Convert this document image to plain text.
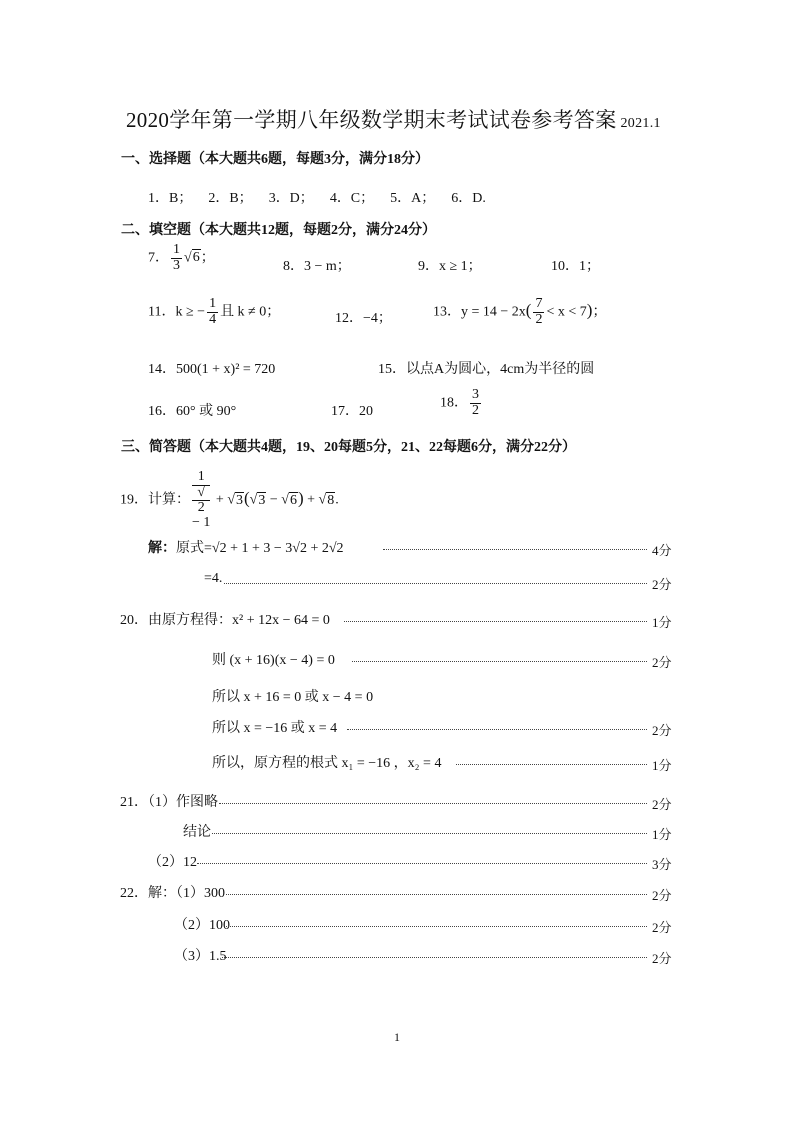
2020学年第一学期八年级数学期末考试试卷参考答案 2021.1
一、选择题（本大题共6题，每题3分，满分18分）
1．B； 2．B； 3．D； 4．C； 5．A； 6．D.
二、填空题（本大题共12题，每题2分，满分24分）
7． $\frac{1}{3} √6$；
8．3 − m；	9．x ≥ 1；	10．1；
11．k ≥ − $\frac{1}{4}$ 且 k ≠ 0；	12．−4；	13．$y = 14 - 2x( \frac{7}{2} < x < 7)$；
14．500(1 + x)² = 720	15．以点A为圆心，4cm为半径的圆
16．60° 或 90°	17．20
18． $\frac{3}{2}$
三、简答题（本大题共4题，19、20每题5分，21、22每题6分，满分22分）
19．计算： 1
√
2
− 1 + √3(√3 − √6) + √8.
解：原式=√2 + 1 + 3 − 3√2 + 2√2	4分
=4.	2分
20．由原方程得：x² + 12x − 64 = 0	1分
则 (x + 16)(x − 4) = 0	2分
所以 x + 16 = 0 或 x − 4 = 0
所以 x = −16 或 x = 4	2分
所以，原方程的根式 x₁ = −16 ，x₂ = 4	1分
21．（1）作图略	2分
结论	1分
（2）12	3分
22．解：（1）300	2分
（2）100	2分
（3）1.5	2分
1
